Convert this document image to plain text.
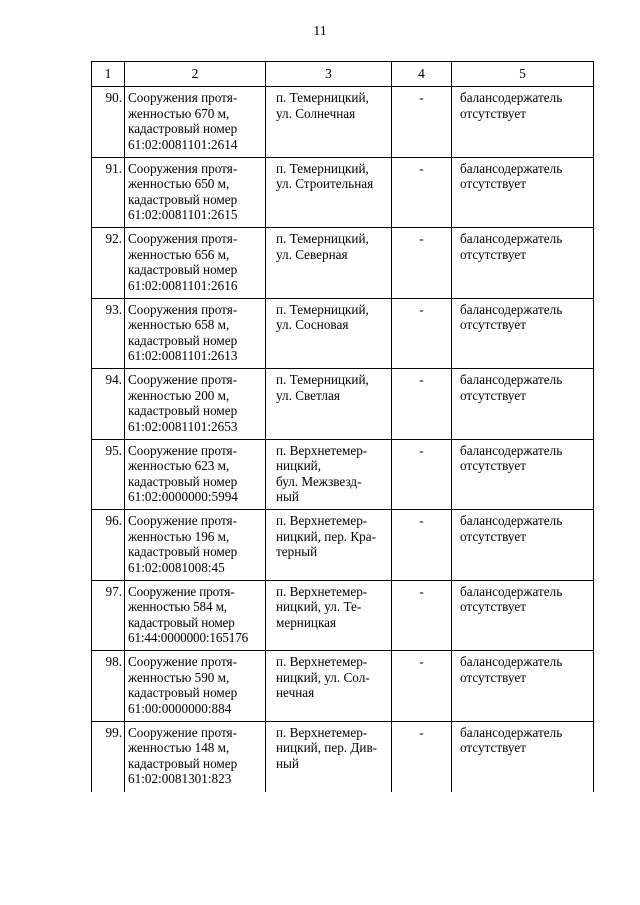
11
1	2	3	4	5
90.	Сооружения протя-
женностью 670 м,
кадастровый номер
61:02:0081101:2614	п. Темерницкий,
ул. Солнечная	-	балансодержатель
отсутствует
91.	Сооружения протя-
женностью 650 м,
кадастровый номер
61:02:0081101:2615	п. Темерницкий,
ул. Строительная	-	балансодержатель
отсутствует
92.	Сооружения протя-
женностью 656 м,
кадастровый номер
61:02:0081101:2616	п. Темерницкий,
ул. Северная	-	балансодержатель
отсутствует
93.	Сооружения протя-
женностью 658 м,
кадастровый номер
61:02:0081101:2613	п. Темерницкий,
ул. Сосновая	-	балансодержатель
отсутствует
94.	Сооружение протя-
женностью 200 м,
кадастровый номер
61:02:0081101:2653	п. Темерницкий,
ул. Светлая	-	балансодержатель
отсутствует
95.	Сооружение протя-
женностью 623 м,
кадастровый номер
61:02:0000000:5994	п. Верхнетемер-
ницкий,
бул. Межзвезд-
ный	-	балансодержатель
отсутствует
96.	Сооружение протя-
женностью 196 м,
кадастровый номер
61:02:0081008:45	п. Верхнетемер-
ницкий, пер. Кра-
терный	-	балансодержатель
отсутствует
97.	Сооружение протя-
женностью 584 м,
кадастровый номер
61:44:0000000:165176	п. Верхнетемер-
ницкий, ул. Те-
мерницкая	-	балансодержатель
отсутствует
98.	Сооружение протя-
женностью 590 м,
кадастровый номер
61:00:0000000:884	п. Верхнетемер-
ницкий, ул. Сол-
нечная	-	балансодержатель
отсутствует
99.	Сооружение протя-
женностью 148 м,
кадастровый номер
61:02:0081301:823	п. Верхнетемер-
ницкий, пер. Див-
ный	-	балансодержатель
отсутствует
